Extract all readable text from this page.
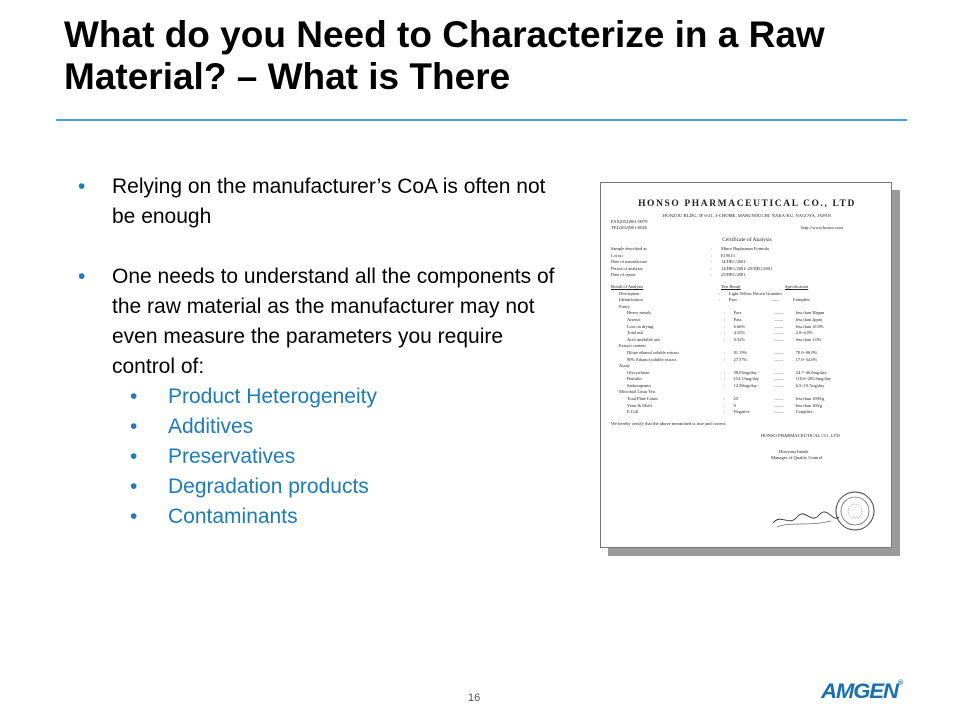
What do you Need to Characterize in a Raw Material? – What is There
• Relying on the manufacturer’s CoA is often not be enough
• One needs to understand all the components of the raw material as the manufacturer may not even measure the parameters you require control of:
• Product Heterogeneity
• Additives
• Preservatives
• Degradation products
• Contaminants
HONSO PHARMACEUTICAL CO., LTD
HONZOU BLDG.,3F 6-21, 3-CHOME, MARUNOUCHI, NAKA-KU, NAGOYA, JAPAN
FAX(052)961-0079
TEL(052)961-0026	http://www.honso.com
Certificate of Analysis
Sample described as	:	Minor Bupleurum Formula
Lot no.	:	E10613
Date of manufacture	:	14/DEC/2001
Period of analysis	:	14/DEC/2001~25/DEC/2001
Date of report	:	25/DEC/2001
Result of Analysis	Test Result	Specification
Description	:	Light Yellow Brown Granules
Identification	:	Pass	——	Complies
Purity
Heavy metals	:	Pass	——	less than 30ppm
Arsenic	:	Pass	——	less than 2ppm
Loss on drying	:	6.66%	——	less than 10.0%
Total ash	:	4.55%	——	2.0~6.0%
Acid insoluble ash	:	0.52%	——	less than 1.0%
Extract content
Dilute ethanol soluble extract	:	81.19%	——	70.0~96.0%
90% Ethanol soluble extract	:	27.57%	——	17.0~34.0%
Assay
Glycyrrhizin	:	38.03mg/day	——	24.7~46.0mg/day
Baicalin	:	154.15mg/day	——	110.6~205.6mg/day
Saikosaponin	:	12.58mg/day	——	6.5~19.7mg/day
Microbial Limit Test
Total Plate Count	:	25	——	less than 1000/g
Yeast & Mold	:	0	——	less than 100/g
E.Coli	:	Negative	——	Complies
We hereby certify that the above mentioned is true and correct.
HONSO PHARMACEUTICAL CO., LTD
Hiroyasu Imada
Manager of Quality Control
16	AMGEN®
